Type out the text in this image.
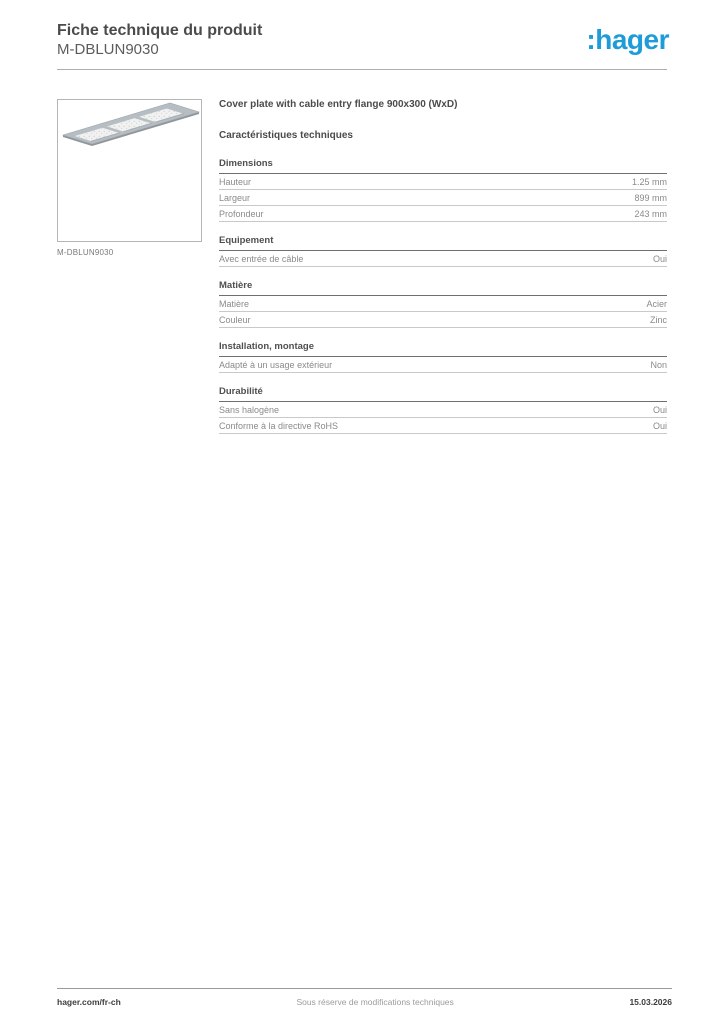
Fiche technique du produit
M-DBLUN9030	:hager
M-DBLUN9030
Cover plate with cable entry flange 900x300 (WxD)
Caractéristiques techniques
Dimensions
Hauteur	1.25 mm
Largeur	899 mm
Profondeur	243 mm
Equipement
Avec entrée de câble	Oui
Matière
Matière	Acier
Couleur	Zinc
Installation, montage
Adapté à un usage extérieur	Non
Durabilité
Sans halogène	Oui
Conforme à la directive RoHS	Oui
hager.com/fr-ch	Sous réserve de modifications techniques	15.03.2026
